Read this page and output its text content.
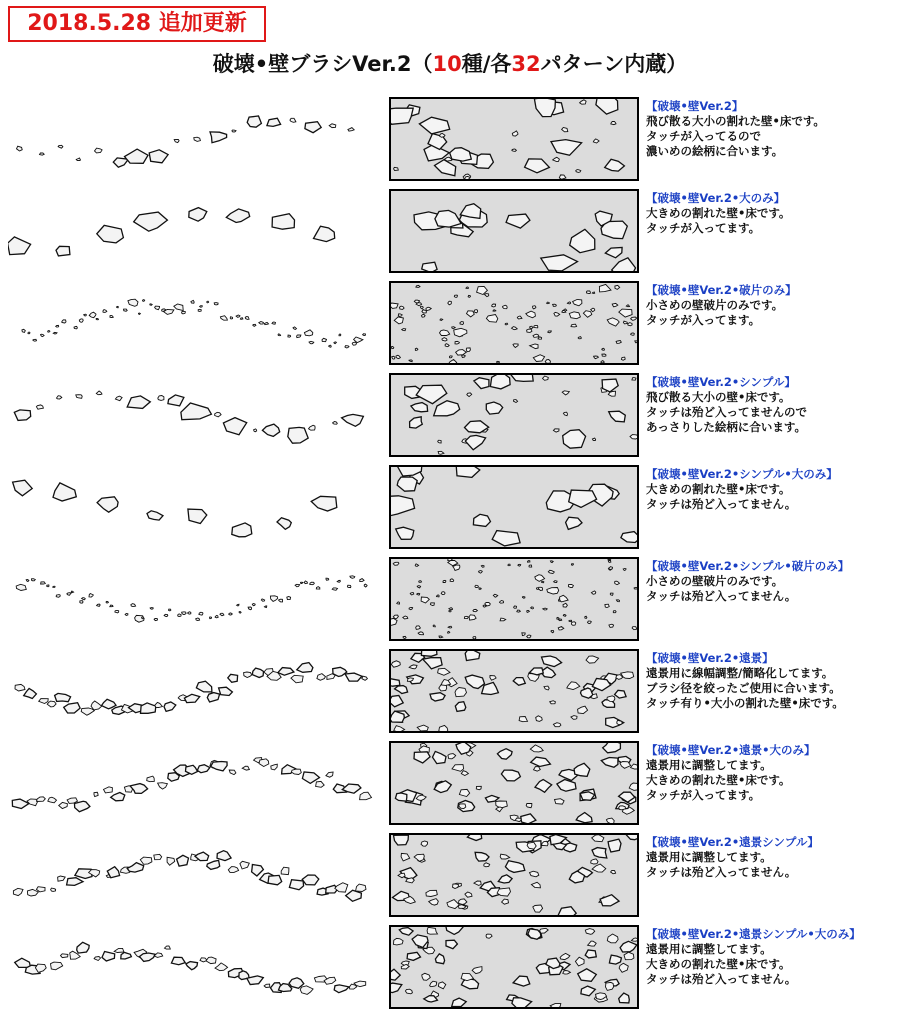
2018.5.28 追加更新
破壊•壁ブラシVer.2（10種/各32パターン内蔵）
【破壊•壁Ver.2】
飛び散る大小の割れた壁•床です。
タッチが入ってるので
濃いめの絵柄に合います。
【破壊•壁Ver.2•大のみ】
大きめの割れた壁•床です。
タッチが入ってます。
【破壊•壁Ver.2•破片のみ】
小さめの壁破片のみです。
タッチが入ってます。
【破壊•壁Ver.2•シンプル】
飛び散る大小の壁•床です。
タッチは殆ど入ってませんので
あっさりした絵柄に合います。
【破壊•壁Ver.2•シンプル•大のみ】
大きめの割れた壁•床です。
タッチは殆ど入ってません。
【破壊•壁Ver.2•シンプル•破片のみ】
小さめの壁破片のみです。
タッチは殆ど入ってません。
【破壊•壁Ver.2•遠景】
遠景用に線幅調整/簡略化してます。
ブラシ径を絞ったご使用に合います。
タッチ有り•大小の割れた壁•床です。
【破壊•壁Ver.2•遠景•大のみ】
遠景用に調整してます。
大きめの割れた壁•床です。
タッチが入ってます。
【破壊•壁Ver.2•遠景シンプル】
遠景用に調整してます。
タッチは殆ど入ってません。
【破壊•壁Ver.2•遠景シンプル•大のみ】
遠景用に調整してます。
大きめの割れた壁•床です。
タッチは殆ど入ってません。
